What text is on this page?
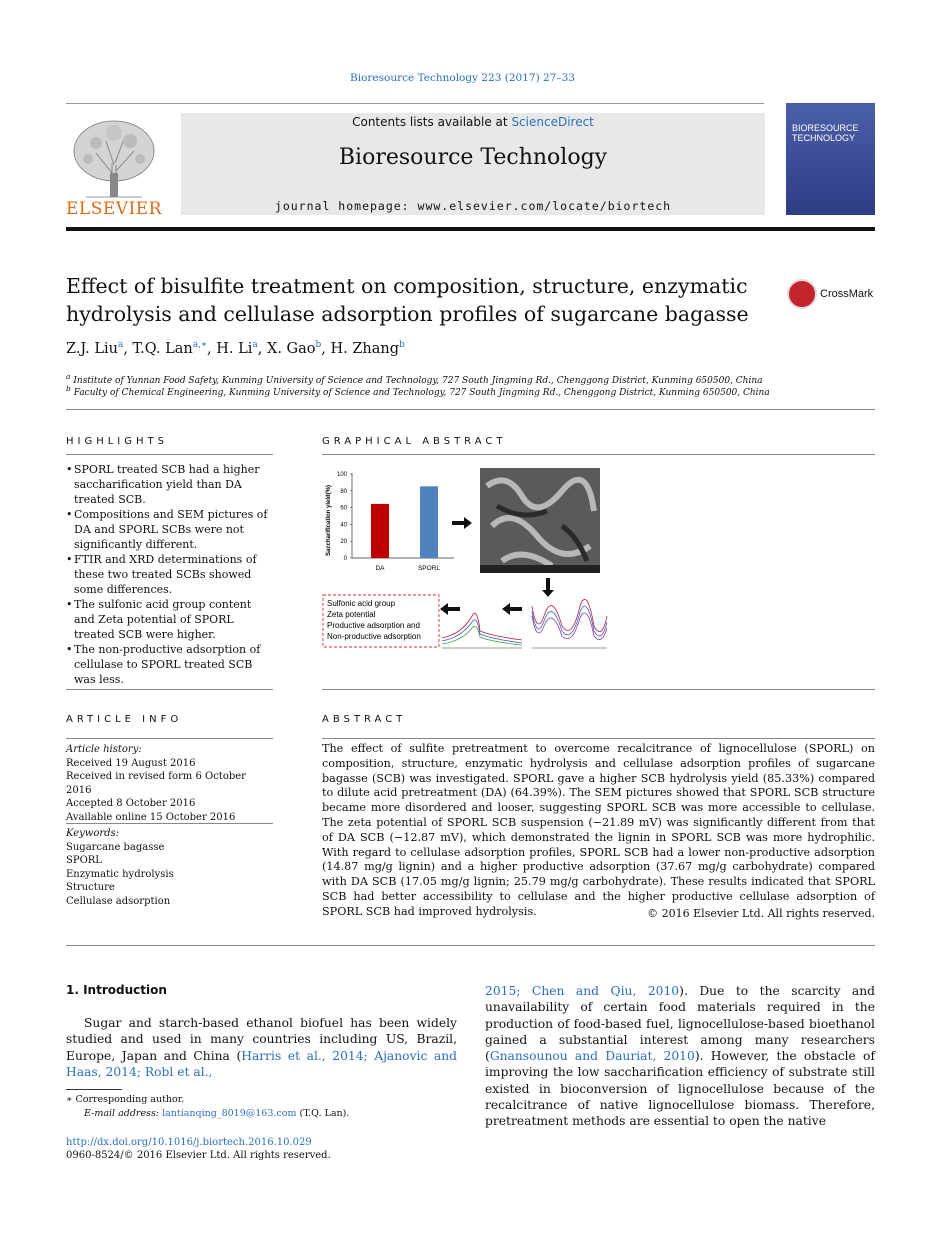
Bioresource Technology 223 (2017) 27–33
ELSEVIER
Contents lists available at ScienceDirect
Bioresource Technology
journal homepage: www.elsevier.com/locate/biortech
BIORESOURCE TECHNOLOGY
Effect of bisulfite treatment on composition, structure, enzymatic hydrolysis and cellulase adsorption profiles of sugarcane bagasse
CrossMark
Z.J. Liu$^a$, T.Q. Lan$^{a,∗}$, H. Li$^a$, X. Gao$^b$, H. Zhang$^b$
$^a$ Institute of Yunnan Food Safety, Kunming University of Science and Technology, 727 South Jingming Rd., Chenggong District, Kunming 650500, China
$^b$ Faculty of Chemical Engineering, Kunming University of Science and Technology, 727 South Jingming Rd., Chenggong District, Kunming 650500, China
HIGHLIGHTS
• SPORL treated SCB had a higher saccharification yield than DA treated SCB.
• Compositions and SEM pictures of DA and SPORL SCBs were not significantly different.
• FTIR and XRD determinations of these two treated SCBs showed some differences.
• The sulfonic acid group content and Zeta potential of SPORL treated SCB were higher.
• The non-productive adsorption of cellulase to SPORL treated SCB was less.
GRAPHICAL ABSTRACT
Saccharification yield(%)
0
20
40
60
80
100
DA	SPORL
Sulfonic acid group
Zeta potential
Productive adsorption and
Non-productive adsorption
ARTICLE INFO
Article history:
Received 19 August 2016
Received in revised form 6 October 2016
Accepted 8 October 2016
Available online 15 October 2016
Keywords:
Sugarcane bagasse
SPORL
Enzymatic hydrolysis
Structure
Cellulase adsorption
ABSTRACT
The effect of sulfite pretreatment to overcome recalcitrance of lignocellulose (SPORL) on composition, structure, enzymatic hydrolysis and cellulase adsorption profiles of sugarcane bagasse (SCB) was investigated. SPORL gave a higher SCB hydrolysis yield (85.33%) compared to dilute acid pretreatment (DA) (64.39%). The SEM pictures showed that SPORL SCB structure became more disordered and looser, suggesting SPORL SCB was more accessible to cellulase. The zeta potential of SPORL SCB suspension (−21.89 mV) was significantly different from that of DA SCB (−12.87 mV), which demonstrated the lignin in SPORL SCB was more hydrophilic. With regard to cellulase adsorption profiles, SPORL SCB had a lower non-productive adsorption (14.87 mg/g lignin) and a higher productive adsorption (37.67 mg/g carbohydrate) compared with DA SCB (17.05 mg/g lignin; 25.79 mg/g carbohydrate). These results indicated that SPORL SCB had better accessibility to cellulase and the higher productive cellulase adsorption of SPORL SCB had improved hydrolysis.	© 2016 Elsevier Ltd. All rights reserved.
1. Introduction
Sugar and starch-based ethanol biofuel has been widely studied and used in many countries including US, Brazil, Europe, Japan and China (Harris et al., 2014; Ajanovic and Haas, 2014; Robl et al.,
2015; Chen and Qiu, 2010). Due to the scarcity and unavailability of certain food materials required in the production of food-based fuel, lignocellulose-based bioethanol gained a substantial interest among many researchers (Gnansounou and Dauriat, 2010). However, the obstacle of improving the low saccharification efficiency of substrate still existed in bioconversion of lignocellulose because of the recalcitrance of native lignocellulose biomass. Therefore, pretreatment methods are essential to open the native
∗ Corresponding author.
E-mail address: lantianqing_8019@163.com (T.Q. Lan).
http://dx.doi.org/10.1016/j.biortech.2016.10.029
0960-8524/© 2016 Elsevier Ltd. All rights reserved.
